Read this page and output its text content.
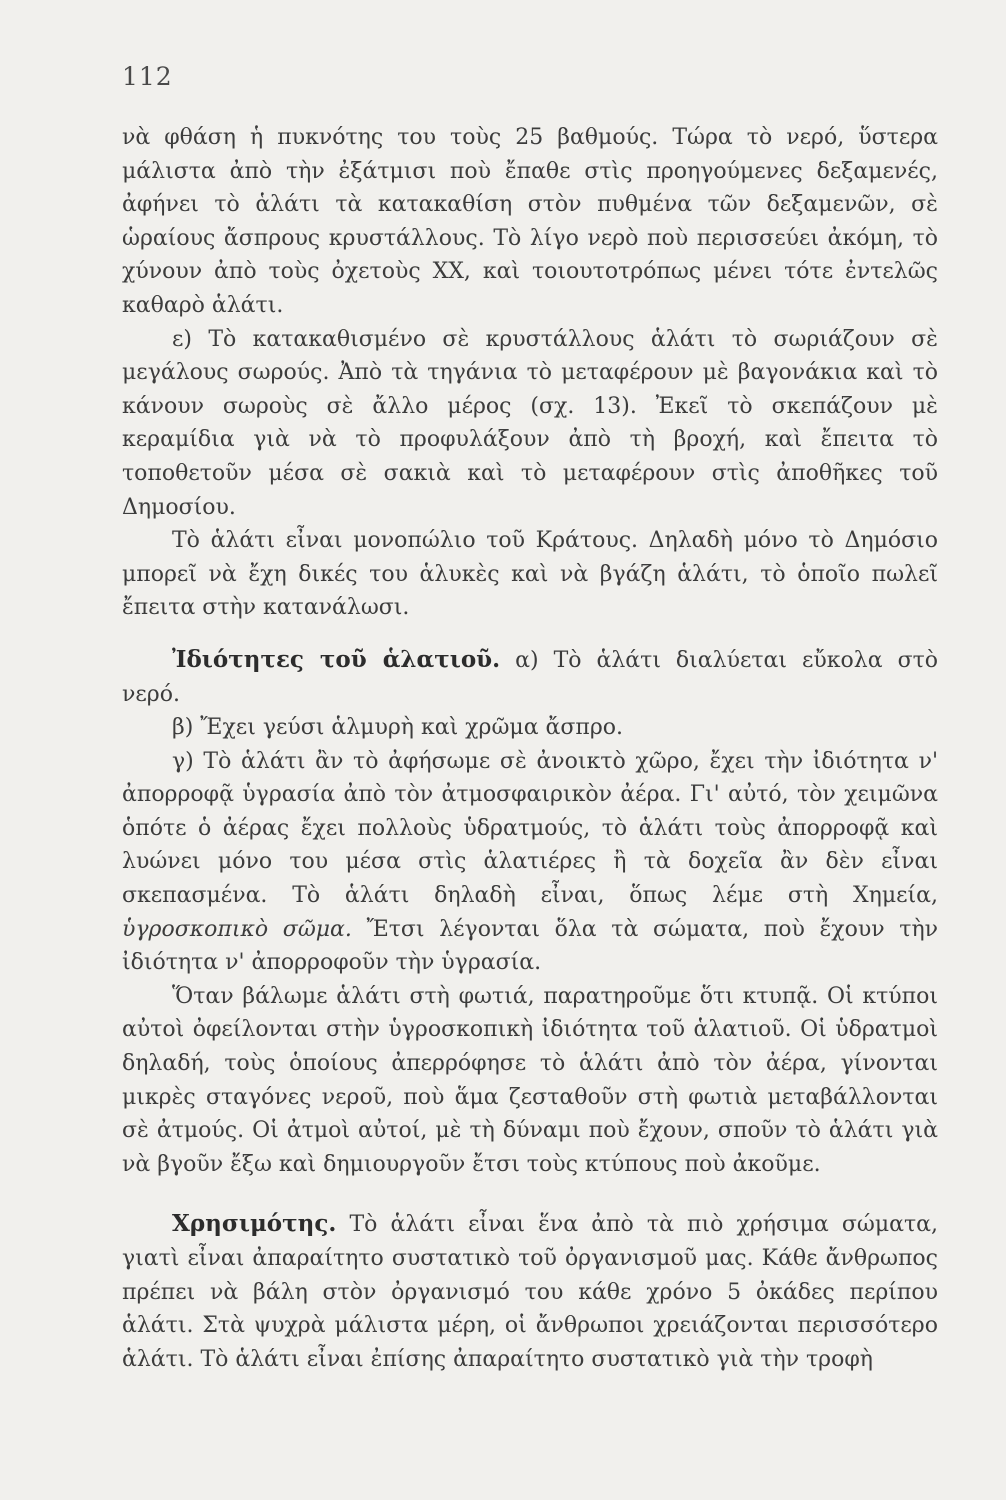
112

νὰ φθάση ἡ πυκνότης του τοὺς 25 βαθμούς. Τώρα τὸ νερό, ὕστερα μάλιστα ἀπὸ τὴν ἐξάτμισι ποὺ ἔπαθε στὶς προηγούμενες δεξαμενές, ἀφήνει τὸ ἁλάτι τὰ κατακαθίση στὸν πυθμένα τῶν δεξαμενῶν, σὲ ὡραίους ἄσπρους κρυστάλλους. Τὸ λίγο νερὸ ποὺ περισσεύει ἀκόμη, τὸ χύνουν ἀπὸ τοὺς ὀχετοὺς ΧΧ, καὶ τοιουτοτρόπως μένει τότε ἐντελῶς καθαρὸ ἁλάτι.

ε) Τὸ κατακαθισμένο σὲ κρυστάλλους ἁλάτι τὸ σωριάζουν σὲ μεγάλους σωρούς. Ἀπὸ τὰ τηγάνια τὸ μεταφέρουν μὲ βαγονάκια καὶ τὸ κάνουν σωροὺς σὲ ἄλλο μέρος (σχ. 13). Ἐκεῖ τὸ σκεπάζουν μὲ κεραμίδια γιὰ νὰ τὸ προφυλάξουν ἀπὸ τὴ βροχή, καὶ ἔπειτα τὸ τοποθετοῦν μέσα σὲ σακιὰ καὶ τὸ μεταφέρουν στὶς ἀποθῆκες τοῦ Δημοσίου.

Τὸ ἁλάτι εἶναι μονοπώλιο τοῦ Κράτους. Δηλαδὴ μόνο τὸ Δημόσιο μπορεῖ νὰ ἔχη δικές του ἁλυκὲς καὶ νὰ βγάζη ἁλάτι, τὸ ὁποῖο πωλεῖ ἔπειτα στὴν κατανάλωσι.

Ἰδιότητες τοῦ ἁλατιοῦ. α) Τὸ ἁλάτι διαλύεται εὔκολα στὸ νερό.

β) Ἔχει γεύσι ἁλμυρὴ καὶ χρῶμα ἄσπρο.

γ) Τὸ ἁλάτι ἂν τὸ ἀφήσωμε σὲ ἀνοικτὸ χῶρο, ἔχει τὴν ἰδιότητα ν' ἀπορροφᾷ ὑγρασία ἀπὸ τὸν ἀτμοσφαιρικὸν ἀέρα. Γι' αὐτό, τὸν χειμῶνα ὁπότε ὁ ἀέρας ἔχει πολλοὺς ὑδρατμούς, τὸ ἁλάτι τοὺς ἀπορροφᾷ καὶ λυώνει μόνο του μέσα στὶς ἁλατιέρες ἢ τὰ δοχεῖα ἂν δὲν εἶναι σκεπασμένα. Τὸ ἁλάτι δηλαδὴ εἶναι, ὅπως λέμε στὴ Χημεία, ὑγροσκοπικὸ σῶμα. Ἔτσι λέγονται ὅλα τὰ σώματα, ποὺ ἔχουν τὴν ἰδιότητα ν' ἀπορροφοῦν τὴν ὑγρασία.

Ὅταν βάλωμε ἁλάτι στὴ φωτιά, παρατηροῦμε ὅτι κτυπᾷ. Οἱ κτύποι αὐτοὶ ὀφείλονται στὴν ὑγροσκοπικὴ ἰδιότητα τοῦ ἁλατιοῦ. Οἱ ὑδρατμοὶ δηλαδή, τοὺς ὁποίους ἀπερρόφησε τὸ ἁλάτι ἀπὸ τὸν ἀέρα, γίνονται μικρὲς σταγόνες νεροῦ, ποὺ ἅμα ζεσταθοῦν στὴ φωτιὰ μεταβάλλονται σὲ ἀτμούς. Οἱ ἀτμοὶ αὐτοί, μὲ τὴ δύναμι ποὺ ἔχουν, σποῦν τὸ ἁλάτι γιὰ νὰ βγοῦν ἔξω καὶ δημιουργοῦν ἔτσι τοὺς κτύπους ποὺ ἀκοῦμε.

Χρησιμότης. Τὸ ἁλάτι εἶναι ἕνα ἀπὸ τὰ πιὸ χρήσιμα σώματα, γιατὶ εἶναι ἀπαραίτητο συστατικὸ τοῦ ὀργανισμοῦ μας. Κάθε ἄνθρωπος πρέπει νὰ βάλη στὸν ὀργανισμό του κάθε χρόνο 5 ὀκάδες περίπου ἁλάτι. Στὰ ψυχρὰ μάλιστα μέρη, οἱ ἄνθρωποι χρειάζονται περισσότερο ἁλάτι. Τὸ ἁλάτι εἶναι ἐπίσης ἀπαραίτητο συστατικὸ γιὰ τὴν τροφὴ
